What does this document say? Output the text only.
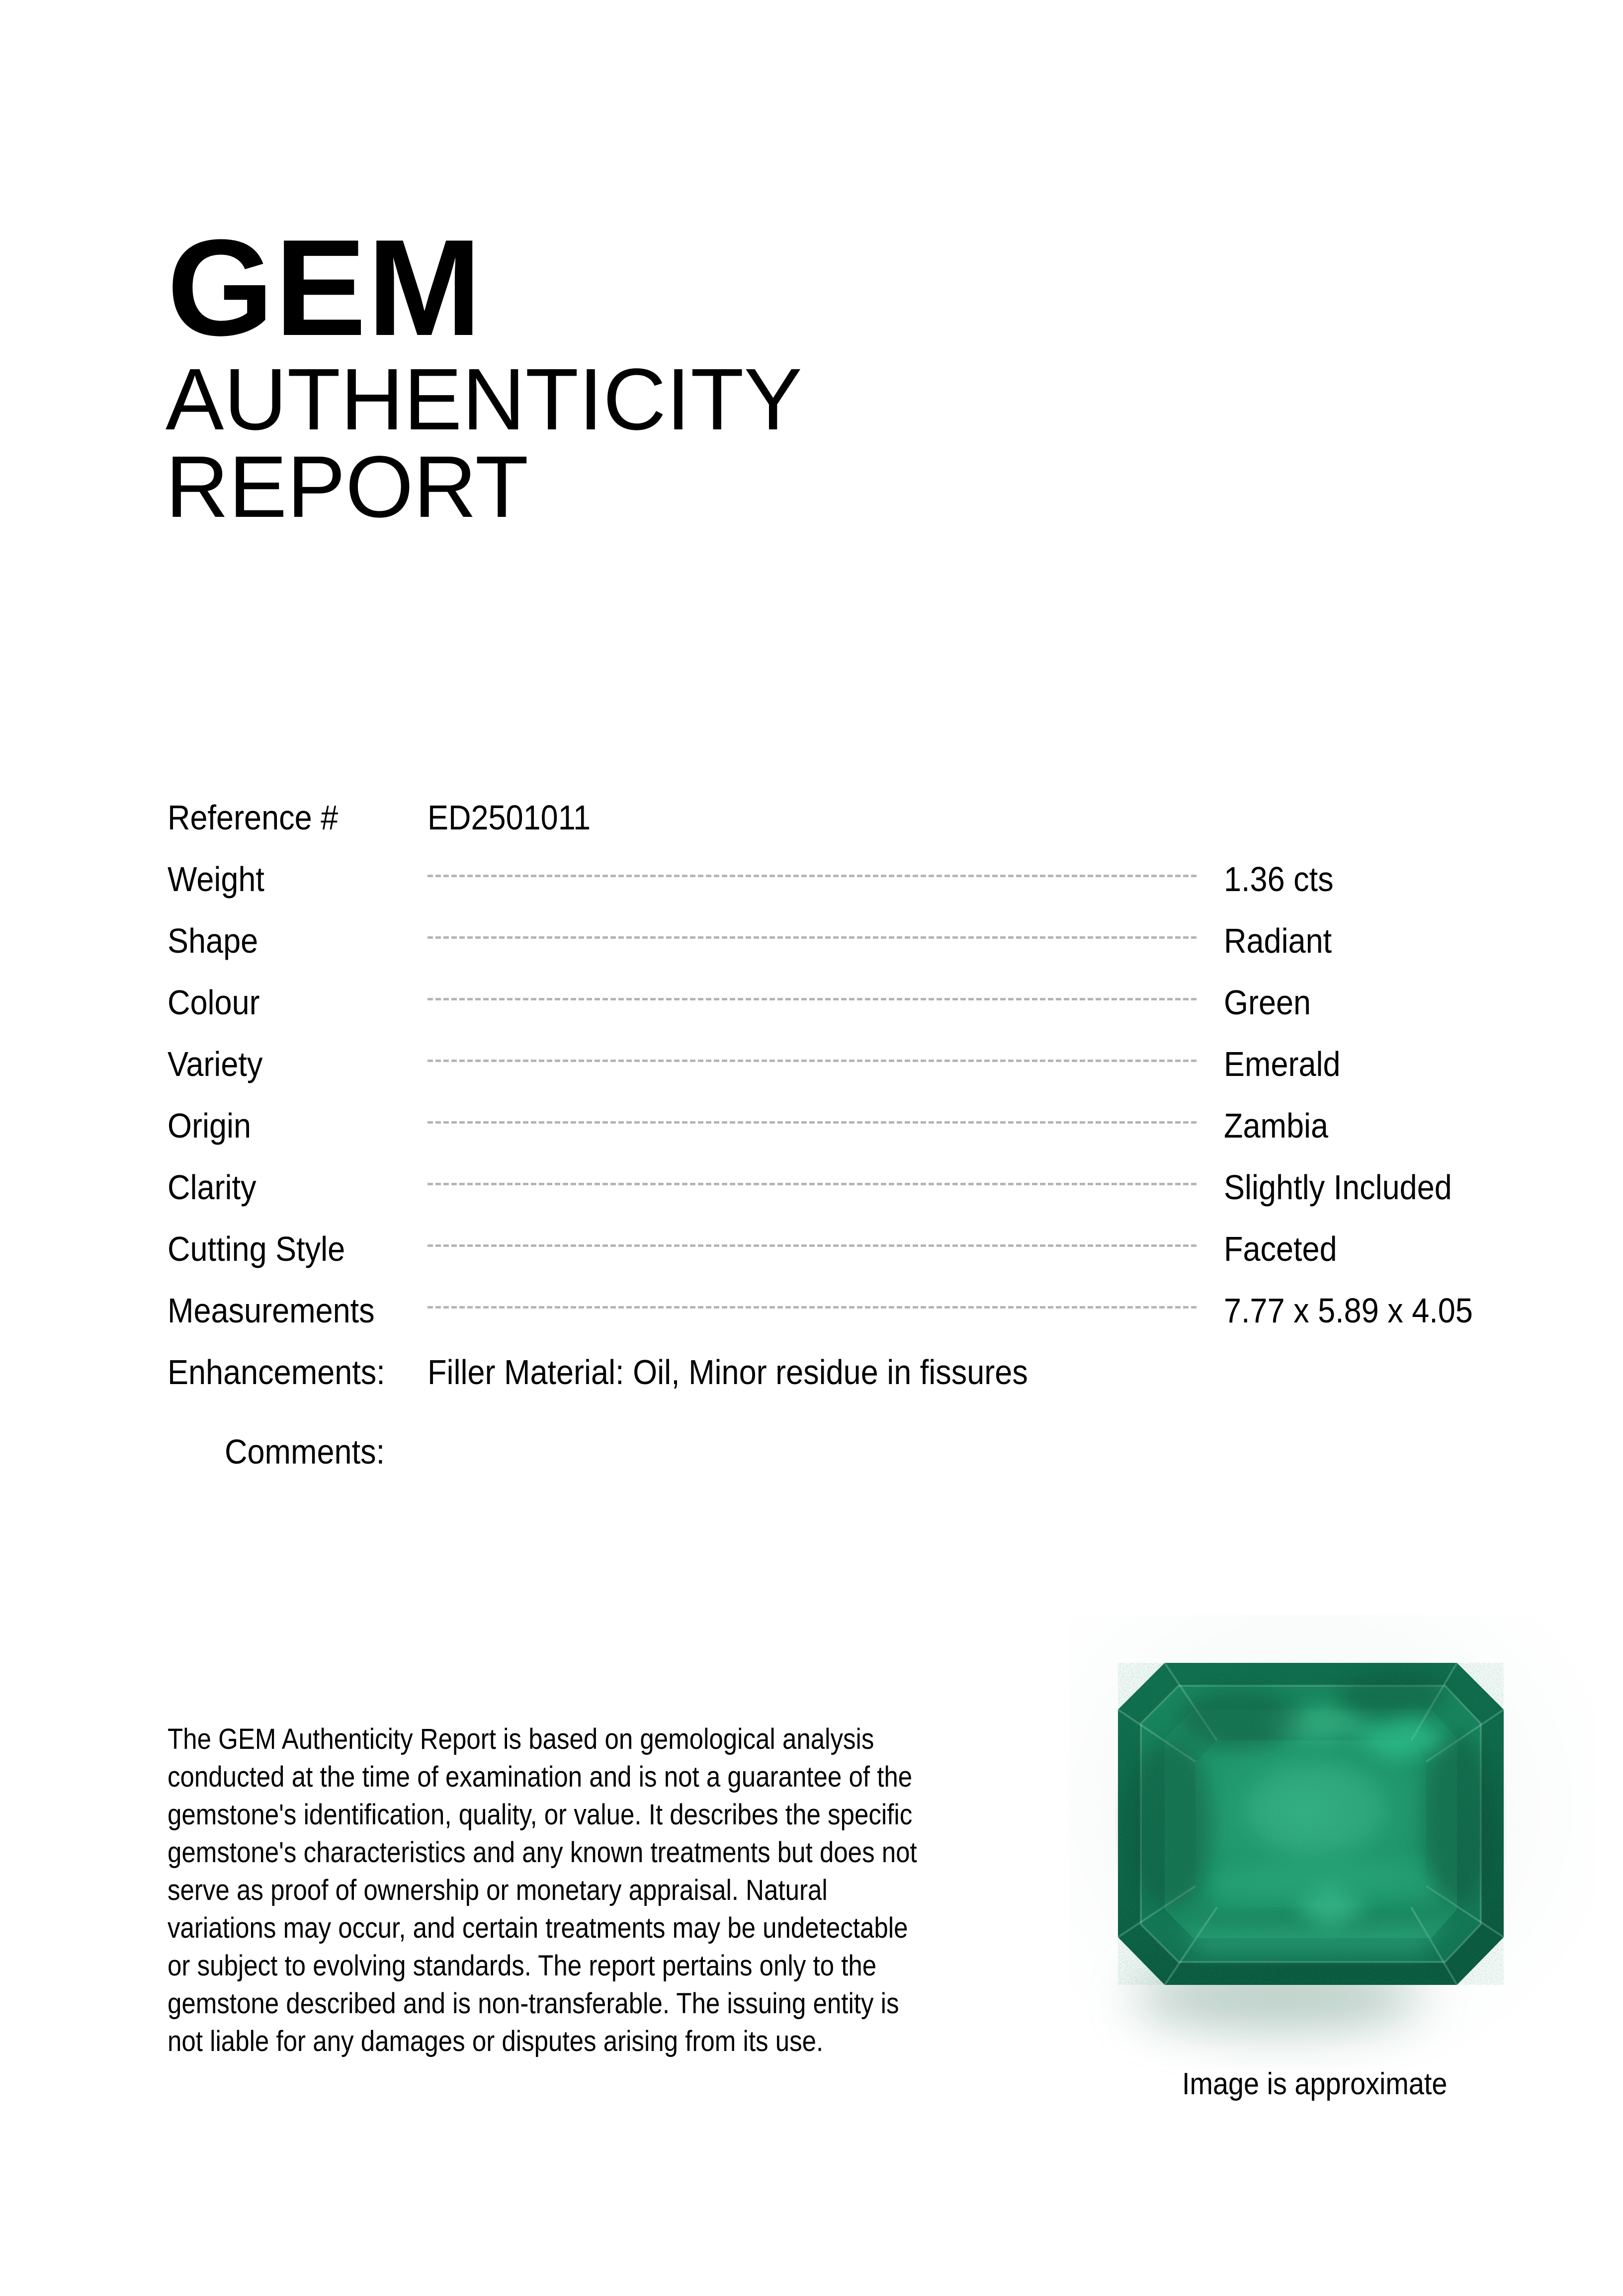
GEM
AUTHENTICITY
REPORT
Reference #	ED2501011
Weight	1.36 cts
Shape	Radiant
Colour	Green
Variety	Emerald
Origin	Zambia
Clarity	Slightly Included
Cutting Style	Faceted
Measurements	7.77 x 5.89 x 4.05
Enhancements:	Filler Material: Oil, Minor residue in fissures
Comments:
The GEM Authenticity Report is based on gemological analysis
conducted at the time of examination and is not a guarantee of the
gemstone's identification, quality, or value. It describes the specific
gemstone's characteristics and any known treatments but does not
serve as proof of ownership or monetary appraisal. Natural
variations may occur, and certain treatments may be undetectable
or subject to evolving standards. The report pertains only to the
gemstone described and is non-transferable. The issuing entity is
not liable for any damages or disputes arising from its use.
Image is approximate
